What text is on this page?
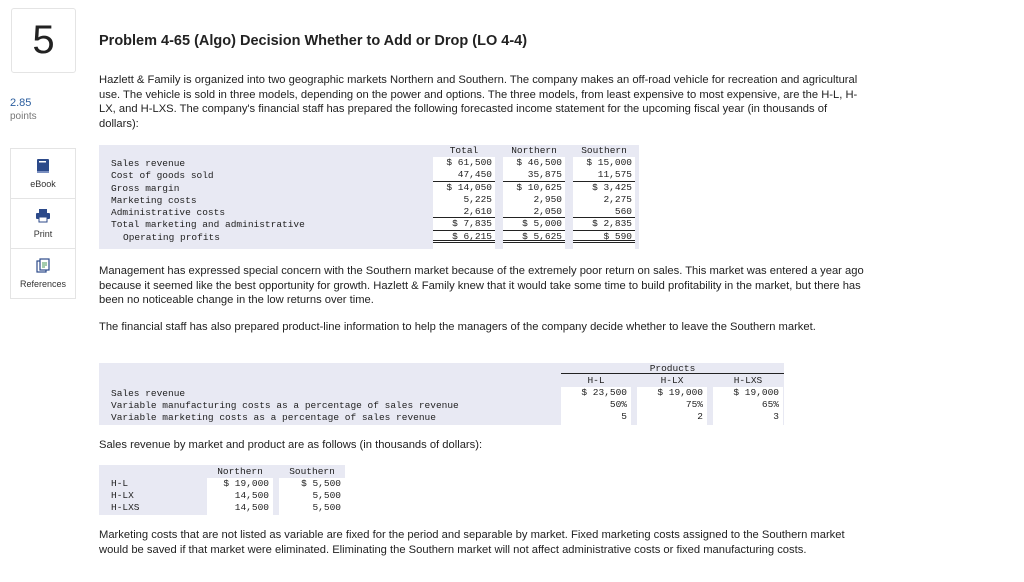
5
2.85
points
eBook
Print
References
Problem 4-65 (Algo) Decision Whether to Add or Drop (LO 4-4)
Hazlett & Family is organized into two geographic markets Northern and Southern. The company makes an off-road vehicle for recreation and agricultural use. The vehicle is sold in three models, depending on the power and options. The three models, from least expensive to most expensive, are the H-L, H-LX, and H-LXS. The company's financial staff has prepared the following forecasted income statement for the upcoming fiscal year (in thousands of dollars):
Sales revenue
Cost of goods sold
Gross margin
Marketing costs
Administrative costs
Total marketing and administrative
Operating profits
Total
$ 61,500
47,450
$ 14,050
5,225
2,610
$ 7,835
$ 6,215
Northern
$ 46,500
35,875
$ 10,625
2,950
2,050
$ 5,000
$ 5,625
Southern
$ 15,000
11,575
$ 3,425
2,275
560
$ 2,835
$ 590
Management has expressed special concern with the Southern market because of the extremely poor return on sales. This market was entered a year ago because it seemed like the best opportunity for growth. Hazlett & Family knew that it would take some time to build profitability in the market, but there has been no noticeable change in the low returns over time.
The financial staff has also prepared product-line information to help the managers of the company decide whether to leave the Southern market.
Products
Sales revenue
Variable manufacturing costs as a percentage of sales revenue
Variable marketing costs as a percentage of sales revenue
H-L
$ 23,500
50%
5
H-LX
$ 19,000
75%
2
H-LXS
$ 19,000
65%
3
Sales revenue by market and product are as follows (in thousands of dollars):
H-L
H-LX
H-LXS
Northern
$ 19,000
14,500
14,500
Southern
$ 5,500
5,500
5,500
Marketing costs that are not listed as variable are fixed for the period and separable by market. Fixed marketing costs assigned to the Southern market would be saved if that market were eliminated. Eliminating the Southern market will not affect administrative costs or fixed manufacturing costs.
